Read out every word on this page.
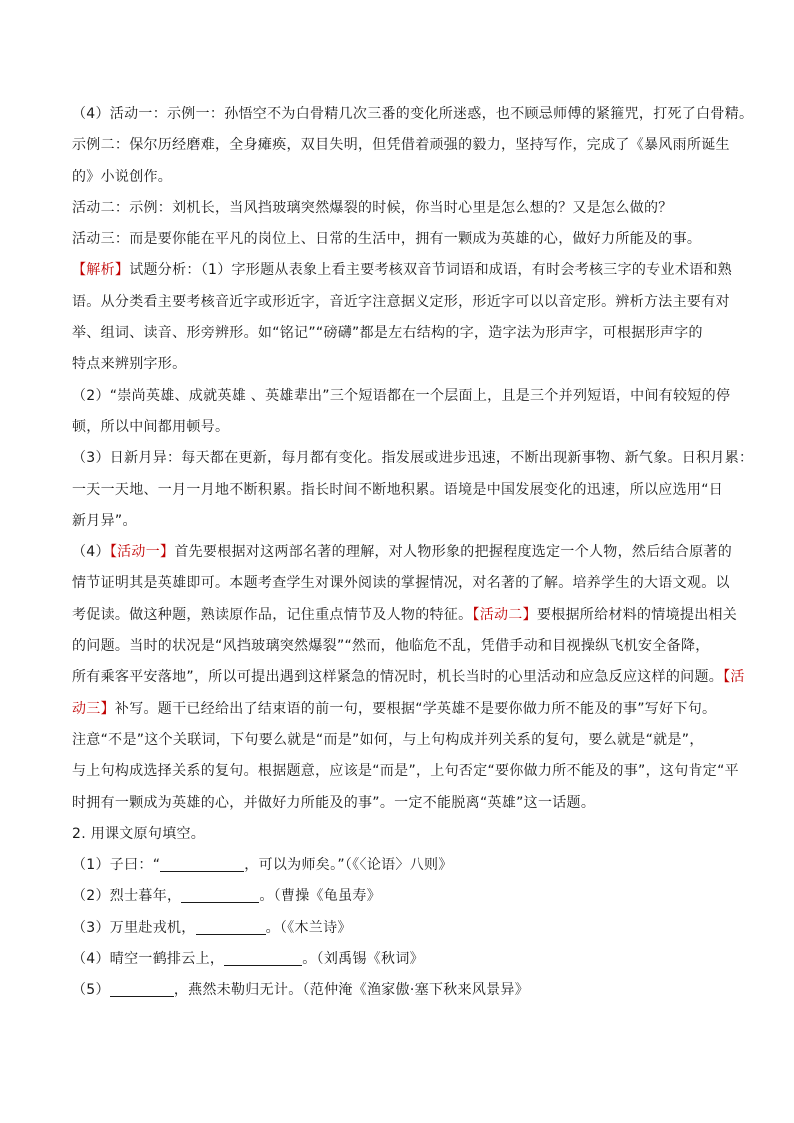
（4）活动一：示例一：孙悟空不为白骨精几次三番的变化所迷惑，也不顾忌师傅的紧箍咒，打死了白骨精。
示例二：保尔历经磨难，全身瘫痪，双目失明，但凭借着顽强的毅力，坚持写作，完成了《暴风雨所诞生
的》小说创作。
活动二：示例：刘机长，当风挡玻璃突然爆裂的时候，你当时心里是怎么想的？又是怎么做的？
活动三：而是要你能在平凡的岗位上、日常的生活中，拥有一颗成为英雄的心，做好力所能及的事。
【解析】试题分析：（1）字形题从表象上看主要考核双音节词语和成语，有时会考核三字的专业术语和熟
语。从分类看主要考核音近字或形近字，音近字注意据义定形，形近字可以以音定形。辨析方法主要有对
举、组词、读音、形旁辨形。如“铭记”“磅礴”都是左右结构的字，造字法为形声字，可根据形声字的
特点来辨别字形。
（2）“崇尚英雄、成就英雄 、英雄辈出”三个短语都在一个层面上，且是三个并列短语，中间有较短的停
顿，所以中间都用顿号。
（3）日新月异：每天都在更新，每月都有变化。指发展或进步迅速，不断出现新事物、新气象。日积月累：
一天一天地、一月一月地不断积累。指长时间不断地积累。语境是中国发展变化的迅速，所以应选用“日
新月异”。
（4）【活动一】首先要根据对这两部名著的理解，对人物形象的把握程度选定一个人物，然后结合原著的
情节证明其是英雄即可。本题考查学生对课外阅读的掌握情况，对名著的了解。培养学生的大语文观。以
考促读。做这种题，熟读原作品，记住重点情节及人物的特征。【活动二】要根据所给材料的情境提出相关
的问题。当时的状况是“风挡玻璃突然爆裂”“然而，他临危不乱，凭借手动和目视操纵飞机安全备降，
所有乘客平安落地”，所以可提出遇到这样紧急的情况时，机长当时的心里活动和应急反应这样的问题。【活
动三】补写。题干已经给出了结束语的前一句，要根据“学英雄不是要你做力所不能及的事”写好下句。
注意“不是”这个关联词，下句要么就是“而是”如何，与上句构成并列关系的复句，要么就是“就是”，
与上句构成选择关系的复句。根据题意，应该是“而是”，上句否定“要你做力所不能及的事”，这句肯定“平
时拥有一颗成为英雄的心，并做好力所能及的事”。一定不能脱离“英雄”这一话题。
2. 用课文原句填空。
（1）子曰：“	，可以为师矣。”（《〈论语〉八则》
（2）烈士暮年，	。（曹操《龟虽寿》
（3）万里赴戎机，	。（《木兰诗》
（4）晴空一鹤排云上，	。（刘禹锡《秋词》
（5）	，燕然未勒归无计。（范仲淹《渔家傲·塞下秋来风景异》
